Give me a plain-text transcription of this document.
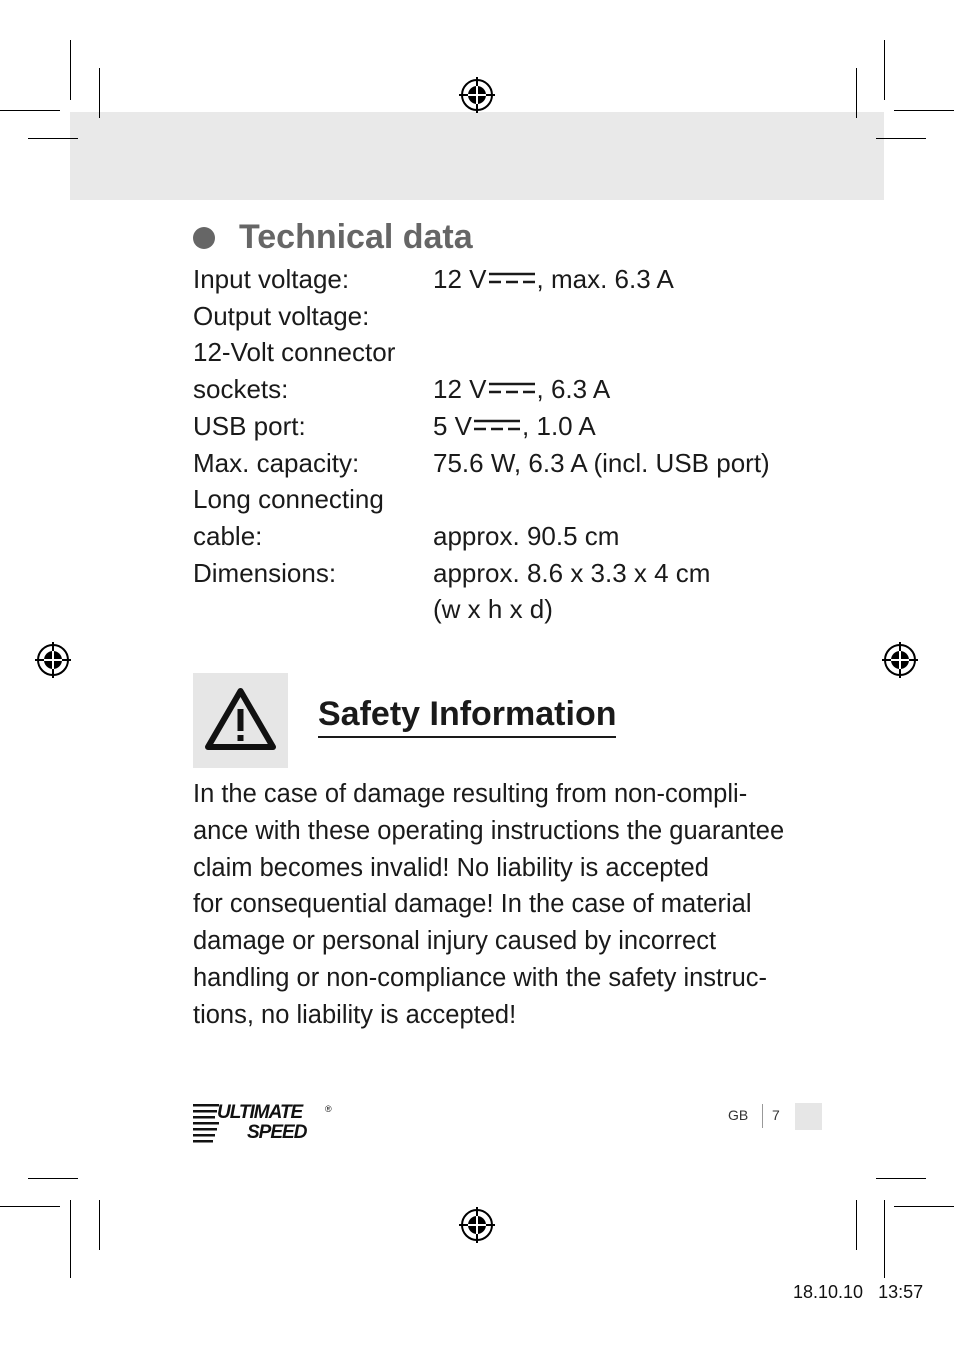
Technical data
Input voltage:	12 V , max. 6.3 A
Output voltage:
12-Volt connector
sockets:	12 V , 6.3 A
USB port:	5 V , 1.0 A
Max. capacity:	75.6 W, 6.3 A (incl. USB port)
Long connecting
cable:	approx. 90.5 cm
Dimensions:	approx. 8.6 x 3.3 x 4 cm
(w x h x d)
Safety Information

In the case of damage resulting from non-compli-

ance with these operating instructions the guarantee

claim becomes invalid! No liability is accepted

for consequential damage! In the case of material

damage or personal injury caused by incorrect

handling or non-compliance with the safety instruc-

tions, no liability is accepted!

ULTIMATE
SPEED
®	GB 7
18.10.10   13:57
